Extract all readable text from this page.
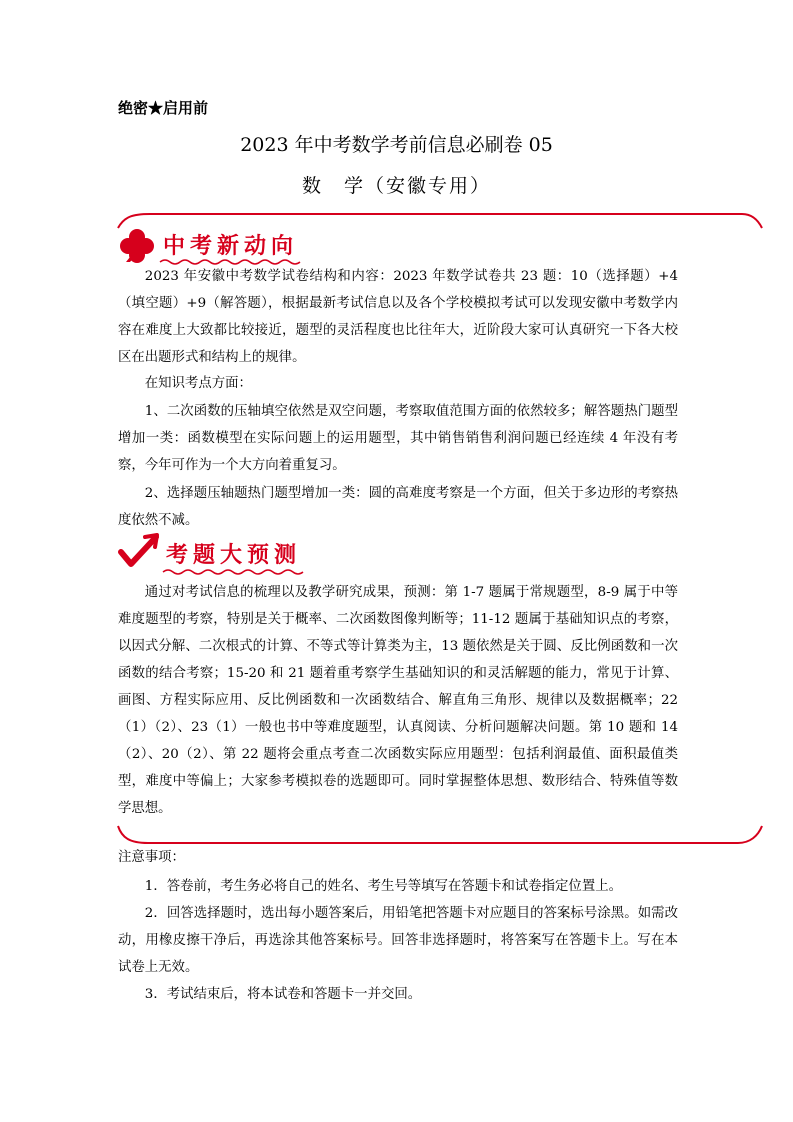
绝密★启用前
2023 年中考数学考前信息必刷卷 05
数　学（安徽专用）
中考新动向
2023 年安徽中考数学试卷结构和内容：2023 年数学试卷共 23 题：10（选择题）+4（填空题）+9（解答题），根据最新考试信息以及各个学校模拟考试可以发现安徽中考数学内容在难度上大致都比较接近，题型的灵活程度也比往年大，近阶段大家可认真研究一下各大校区在出题形式和结构上的规律。
在知识考点方面：
1、二次函数的压轴填空依然是双空问题，考察取值范围方面的依然较多；解答题热门题型增加一类：函数模型在实际问题上的运用题型，其中销售销售利润问题已经连续 4 年没有考察，今年可作为一个大方向着重复习。
2、选择题压轴题热门题型增加一类：圆的高难度考察是一个方面，但关于多边形的考察热度依然不减。
考题大预测
通过对考试信息的梳理以及教学研究成果，预测：第 1-7 题属于常规题型，8-9 属于中等难度题型的考察，特别是关于概率、二次函数图像判断等；11-12 题属于基础知识点的考察，以因式分解、二次根式的计算、不等式等计算类为主，13 题依然是关于圆、反比例函数和一次函数的结合考察；15-20 和 21 题着重考察学生基础知识的和灵活解题的能力，常见于计算、画图、方程实际应用、反比例函数和一次函数结合、解直角三角形、规律以及数据概率；22（1）（2）、23（1）一般也书中等难度题型，认真阅读、分析问题解决问题。第 10 题和 14（2）、20（2）、第 22 题将会重点考查二次函数实际应用题型：包括利润最值、面积最值类型，难度中等偏上；大家参考模拟卷的选题即可。同时掌握整体思想、数形结合、特殊值等数学思想。
注意事项：
1．答卷前，考生务必将自己的姓名、考生号等填写在答题卡和试卷指定位置上。
2．回答选择题时，选出每小题答案后，用铅笔把答题卡对应题目的答案标号涂黑。如需改动，用橡皮擦干净后，再选涂其他答案标号。回答非选择题时，将答案写在答题卡上。写在本试卷上无效。
3．考试结束后，将本试卷和答题卡一并交回。
